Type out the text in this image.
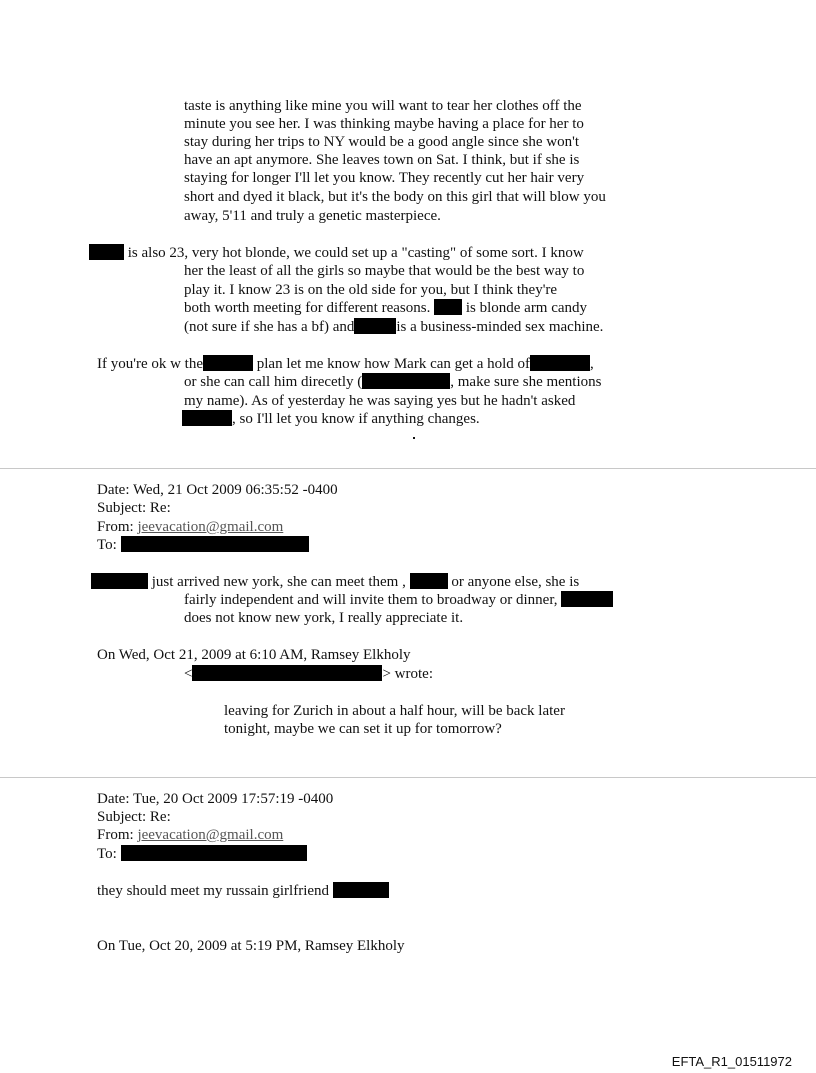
taste is anything like mine you will want to tear her clothes off the
minute you see her. I was thinking maybe having a place for her to
stay during her trips to NY would be a good angle since she won't
have an apt anymore. She leaves town on Sat. I think, but if she is
staying for longer I'll let you know. They recently cut her hair very
short and dyed it black, but it's the body on this girl that will blow you
away, 5'11 and truly a genetic masterpiece.
is also 23, very hot blonde, we could set up a "casting" of some sort. I know
her the least of all the girls so maybe that would be the best way to
play it. I know 23 is on the old side for you, but I think they're
both worth meeting for different reasons. is blonde arm candy
(not sure if she has a bf) and	is a business-minded sex machine.
If you're ok w the	plan let me know how Mark can get a hold of	,
or she can call him direcetly (	, make sure she mentions
my name). As of yesterday he was saying yes but he hadn't asked
, so I'll let you know if anything changes.
Date: Wed, 21 Oct 2009 06:35:52 -0400
Subject: Re:
From: jeevacation@gmail.com
To:
just arrived new york, she can meet them ,	or anyone else, she is
fairly independent and will invite them to broadway or dinner,
does not know new york, I really appreciate it.
On Wed, Oct 21, 2009 at 6:10 AM, Ramsey Elkholy
<	> wrote:
leaving for Zurich in about a half hour, will be back later
tonight, maybe we can set it up for tomorrow?
Date: Tue, 20 Oct 2009 17:57:19 -0400
Subject: Re:
From: jeevacation@gmail.com
To:
they should meet my russain girlfriend
On Tue, Oct 20, 2009 at 5:19 PM, Ramsey Elkholy
EFTA_R1_01511972
